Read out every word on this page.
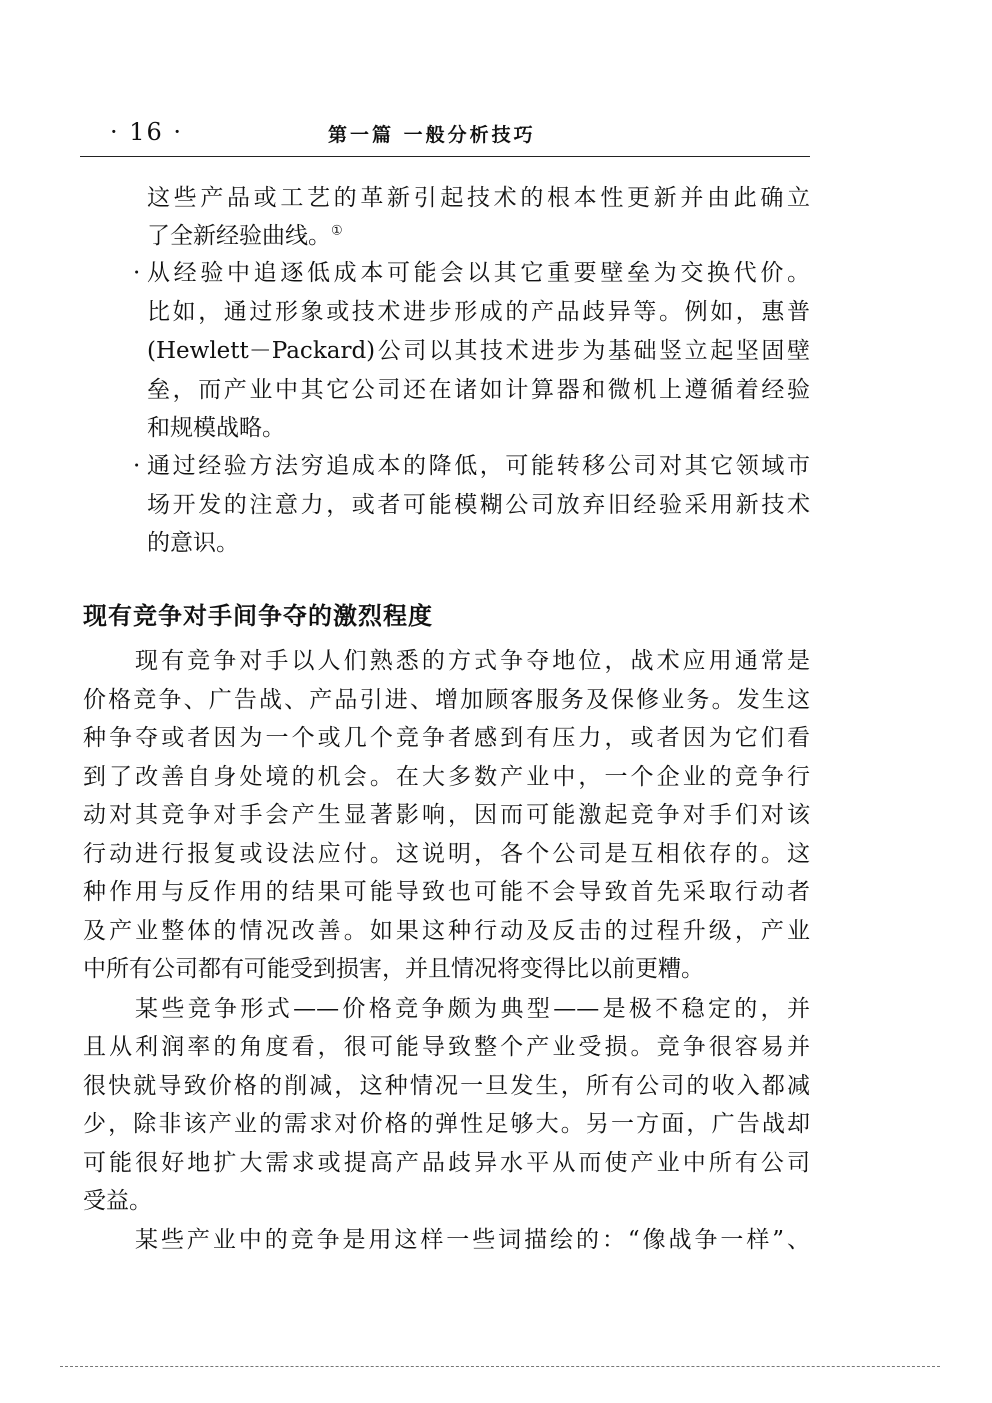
· 16 ·	第一篇 一般分析技巧
这些产品或工艺的革新引起技术的根本性更新并由此确立
了全新经验曲线。①
· 从经验中追逐低成本可能会以其它重要壁垒为交换代价。
比如，通过形象或技术进步形成的产品歧异等。例如，惠普
(Hewlett－Packard)公司以其技术进步为基础竖立起坚固壁
垒，而产业中其它公司还在诸如计算器和微机上遵循着经验
和规模战略。
· 通过经验方法穷追成本的降低，可能转移公司对其它领域市
场开发的注意力，或者可能模糊公司放弃旧经验采用新技术
的意识。
现有竞争对手间争夺的激烈程度
现有竞争对手以人们熟悉的方式争夺地位，战术应用通常是
价格竞争、广告战、产品引进、增加顾客服务及保修业务。发生这
种争夺或者因为一个或几个竞争者感到有压力，或者因为它们看
到了改善自身处境的机会。在大多数产业中，一个企业的竞争行
动对其竞争对手会产生显著影响，因而可能激起竞争对手们对该
行动进行报复或设法应付。这说明，各个公司是互相依存的。这
种作用与反作用的结果可能导致也可能不会导致首先采取行动者
及产业整体的情况改善。如果这种行动及反击的过程升级，产业
中所有公司都有可能受到损害，并且情况将变得比以前更糟。
某些竞争形式——价格竞争颇为典型——是极不稳定的，并
且从利润率的角度看，很可能导致整个产业受损。竞争很容易并
很快就导致价格的削减，这种情况一旦发生，所有公司的收入都减
少，除非该产业的需求对价格的弹性足够大。另一方面，广告战却
可能很好地扩大需求或提高产品歧异水平从而使产业中所有公司
受益。
某些产业中的竞争是用这样一些词描绘的：“像战争一样”、
